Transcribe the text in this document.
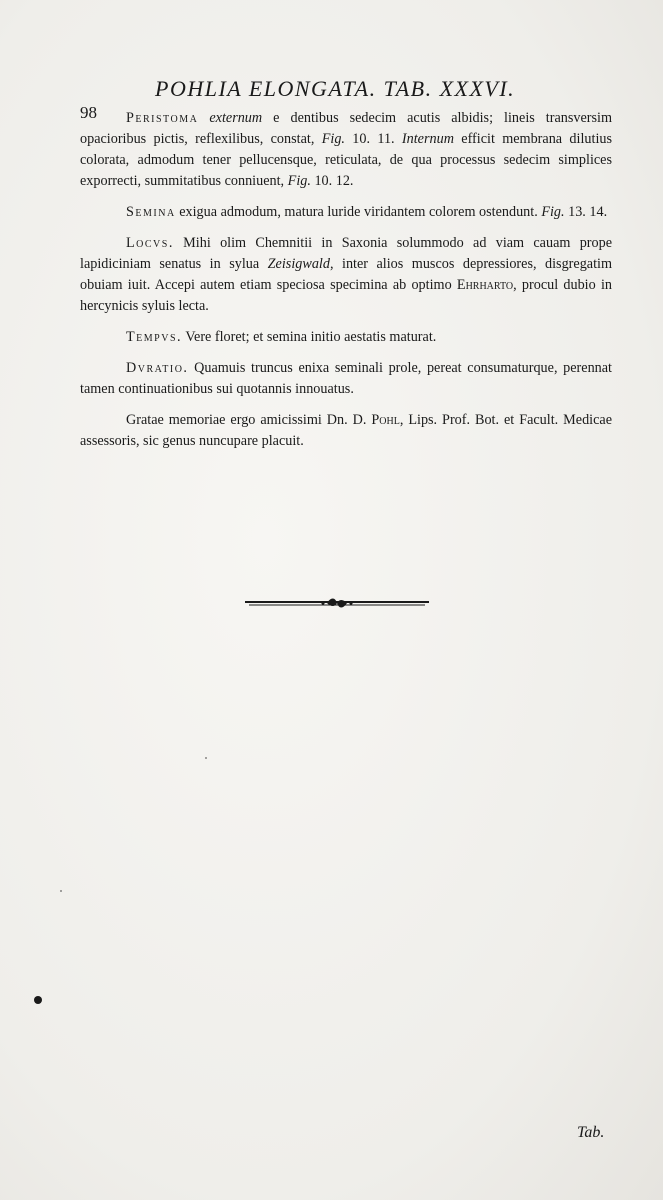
98
POHLIA ELONGATA. TAB. XXXVI.

Peristoma externum e dentibus sedecim acutis albidis; lineis transversim opacioribus pictis, reflexilibus, constat, Fig. 10. 11. Internum efficit membrana dilutius colorata, admodum tener pellucensque, reticulata, de qua processus sedecim simplices exporrecti, summitatibus conniuent, Fig. 10. 12.

Semina exigua admodum, matura luride viridantem colorem ostendunt. Fig. 13. 14.

Locvs. Mihi olim Chemnitii in Saxonia solummodo ad viam cauam prope lapidiciniam senatus in sylua Zeisigwald, inter alios muscos depressiores, disgregatim obuiam iuit. Accepi autem etiam speciosa specimina ab optimo Ehrharto, procul dubio in hercynicis syluis lecta.

Tempvs. Vere floret; et semina initio aestatis maturat.

Dvratio. Quamuis truncus enixa seminali prole, pereat consumaturque, perennat tamen continuationibus sui quotannis innouatus.

Gratae memoriae ergo amicissimi Dn. D. Pohl, Lips. Prof. Bot. et Facult. Medicae assessoris, sic genus nuncupare placuit.

Tab.
